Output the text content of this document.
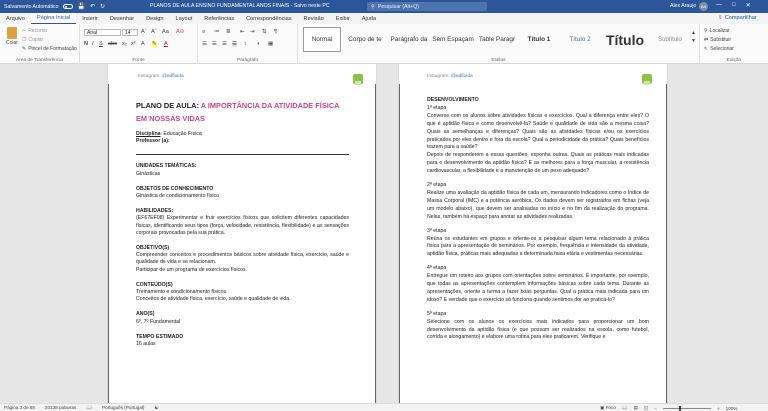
Salvamento Automático	💾 ↶ ↻	PLANOS DE AULA ENSINO FUNDAMENTAL ANOS FINAIS - Salvo neste PC	⚲ Pesquisar (Alt+Q)	Alex Araujo	AA	— □ ✕
Arquivo	Página Inicial	Inserir	Desenhar	Design	Layout	Referências	Correspondências	Revisão	Exibir	Ajuda	⇪ Compartilhar
Colar
✂ Recortar
❐ Copiar
✎ Pincel de Formatação
Área de Transferência
Arial	14 Aˆ Aˇ Aa A⊘
N I S abc x₂ x² A ✎ A
Fonte
≡ ≔ ≣ ⇤ ⇥ ⇅ ¶
☰ ☰ ☰ ☰ ↕ ◑ ▦
Parágrafo
Normal	Corpo de te Parágrafo da Sem Espaçam Table Paragr Título 1	Título 2 Título Subtítulo
▲
▼
Estilos
⚲ Localizar
⇄ Substituir
↖ Selecionar
Edição
Instagram: @edfloida
PLANO DE AULA: A IMPORTÂNCIA DA ATIVIDADE FÍSICA EM NOSSAS VIDAS
Disciplina: Educação Física
Professor (a):
UNIDADES TEMÁTICAS:
Ginásticas
OBJETOS DE CONHECIMENTO
Ginástica de condicionamento físico
HABILIDADES:
(EF67EF08) Experimentar e fruir exercícios físicos que solicitem diferentes capacidades físicas, identificando seus tipos (força, velocidade, resistência, flexibilidade) e as sensações corporais provocadas pela sua prática.
OBJETIVO(S)
Compreender conceitos e procedimentos básicos sobre atividade física, exercício, saúde e qualidade de vida e se relacionam.
Participar de um programa de exercícios físicos.
CONTEÚDO(S)
Treinamento e condicionamento físicos.
Conceitos de atividade física, exercício, saúde e qualidade de vida.
ANO(S)
6º, 7º Fundamental
TEMPO ESTIMADO
16 aulas
Instagram: @edfloida
DESENVOLVIMENTO
1ª etapa
Converse com os alunos sobre atividades físicas e exercícios. Qual a diferença entre eles? O que é aptidão física e como desenvolvê-la? Saúde e qualidade de vida são a mesma coisa? Quais as semelhanças e diferenças? Quais são as atividades físicas e/ou os exercícios praticados por eles dentro e fora da escola? Qual a periodicidade da prática? Quais benefícios trazem para a saúde?
Depois de responderem a essas questões, exponha outras. Quais as práticas mais indicadas para o desenvolvimento da aptidão física? E as melhores para a força muscular, a resistência cardiovascular, a flexibilidade e a manutenção de um peso adequado?
2ª etapa
Realize uma avaliação da aptidão física de cada um, mensurando indicadores como o Índice de Massa Corporal (IMC) e a potência aeróbica. Os dados devem ser registrados em fichas (veja um modelo abaixo), que devem ser analisadas no início e no fim da realização do programa. Nelas, também há espaço para anotar as atividades realizadas.
3ª etapa
Reúna os estudantes em grupos e oriente-os a pesquisar algum tema relacionado à prática física para a apresentação de seminários. Por exemplo, frequência e intensidade da atividade, aptidão física, práticas mais adequadas a determinada faixa etária e vestimentas necessárias.
4ª etapa
Entregue um roteiro aos grupos com orientações sobre seminários. É importante, por exemplo, que todas as apresentações contemplem informações básicas sobre cada tema. Durante as apresentações, oriente a turma a fazer boas perguntas. Qual a prática mais indicada para um idoso? E verdade que o exercício só funciona quando sentimos dor ao praticá-lo?
5ª etapa
Selecione com os alunos os exercícios mais indicados para proporcionar um bom desenvolvimento da aptidão física (e que possam ser realizados na escola, como futebol, corrida e alongamento) e elabore uma rotina para eles praticarem. Verifique e
Página 3 de 88 20138 palavras 📖 Português (Portugal) ☯	▣ Foco 📖 ▤ ◫ −	+ 100%
